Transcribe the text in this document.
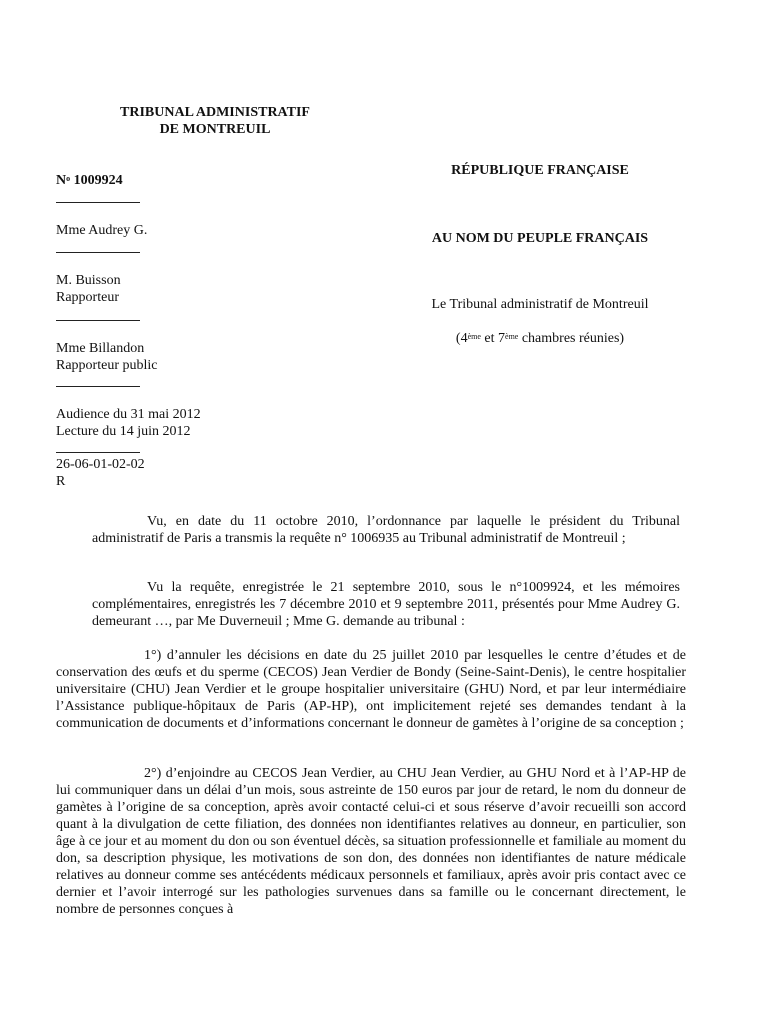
TRIBUNAL ADMINISTRATIF
DE MONTREUIL
$N^o$ 1009924
Mme Audrey G.
M. Buisson
Rapporteur
Mme Billandon
Rapporteur public
Audience du 31 mai 2012
Lecture du 14 juin 2012
26-06-01-02-02
R
RÉPUBLIQUE FRANÇAISE
AU NOM DU PEUPLE FRANÇAIS
Le Tribunal administratif de Montreuil
(4ème et 7ème chambres réunies)

Vu, en date du 11 octobre 2010, l’ordonnance par laquelle le président du Tribunal administratif de Paris a transmis la requête n° 1006935 au Tribunal administratif de Montreuil ;

Vu la requête, enregistrée le 21 septembre 2010, sous le n°1009924, et les mémoires complémentaires, enregistrés les 7 décembre 2010 et 9 septembre 2011, présentés pour Mme Audrey G. demeurant …, par Me Duverneuil ; Mme G. demande au tribunal :

1°) d’annuler les décisions en date du 25 juillet 2010 par lesquelles le centre d’études et de conservation des œufs et du sperme (CECOS) Jean Verdier de Bondy (Seine-Saint-Denis), le centre hospitalier universitaire (CHU) Jean Verdier et le groupe hospitalier universitaire (GHU) Nord, et par leur intermédiaire l’Assistance publique-hôpitaux de Paris (AP-HP), ont implicitement rejeté ses demandes tendant à la communication de documents et d’informations concernant le donneur de gamètes à l’origine de sa conception ;

2°) d’enjoindre au CECOS Jean Verdier, au CHU Jean Verdier, au GHU Nord et à l’AP-HP de lui communiquer dans un délai d’un mois, sous astreinte de 150 euros par jour de retard, le nom du donneur de gamètes à l’origine de sa conception, après avoir contacté celui-ci et sous réserve d’avoir recueilli son accord quant à la divulgation de cette filiation, des données non identifiantes relatives au donneur, en particulier, son âge à ce jour et au moment du don ou son éventuel décès, sa situation professionnelle et familiale au moment du don, sa description physique, les motivations de son don, des données non identifiantes de nature médicale relatives au donneur comme ses antécédents médicaux personnels et familiaux, après avoir pris contact avec ce dernier et l’avoir interrogé sur les pathologies survenues dans sa famille ou le concernant directement, le nombre de personnes conçues à
